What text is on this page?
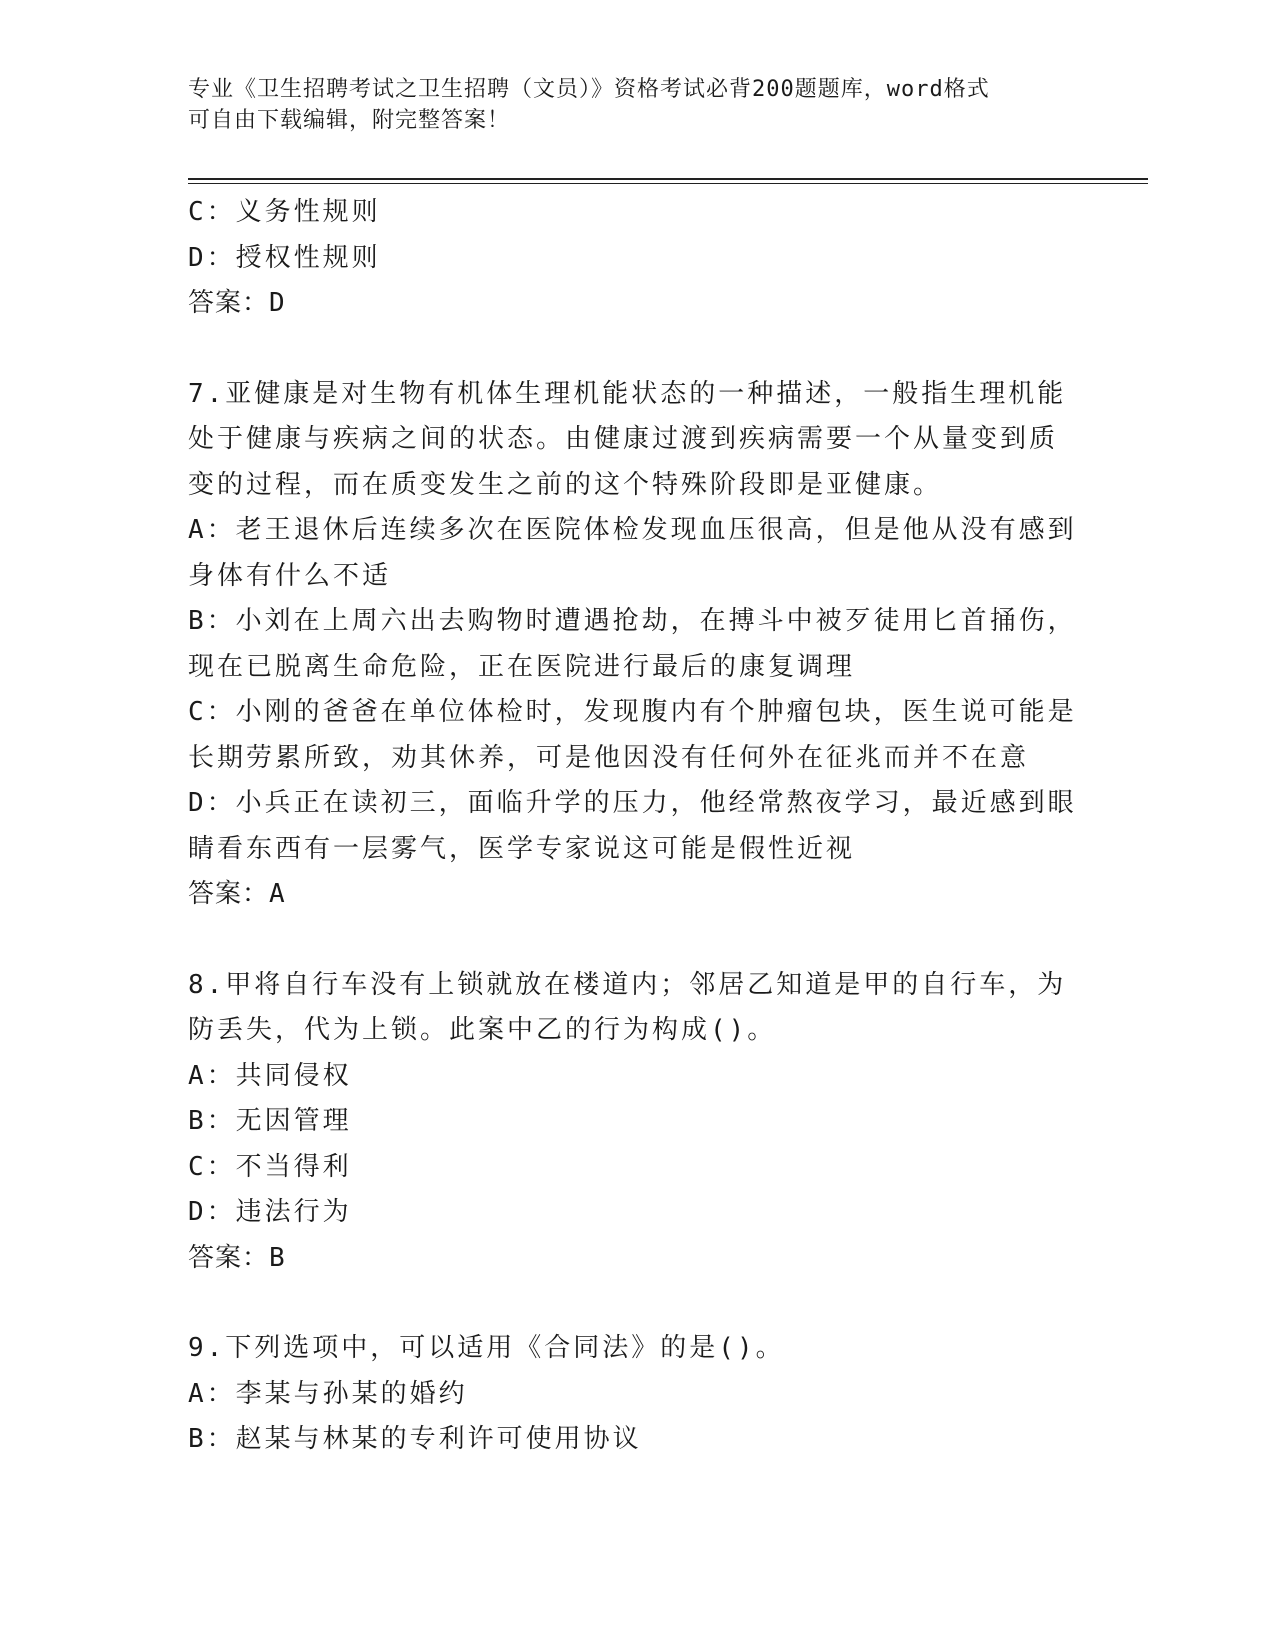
专业《卫生招聘考试之卫生招聘（文员）》资格考试必背200题题库，word格式
可自由下载编辑，附完整答案！
C：义务性规则
D：授权性规则
答案：D
7.亚健康是对生物有机体生理机能状态的一种描述，一般指生理机能
处于健康与疾病之间的状态。由健康过渡到疾病需要一个从量变到质
变的过程，而在质变发生之前的这个特殊阶段即是亚健康。
A：老王退休后连续多次在医院体检发现血压很高，但是他从没有感到
身体有什么不适
B：小刘在上周六出去购物时遭遇抢劫，在搏斗中被歹徒用匕首捅伤，
现在已脱离生命危险，正在医院进行最后的康复调理
C：小刚的爸爸在单位体检时，发现腹内有个肿瘤包块，医生说可能是
长期劳累所致，劝其休养，可是他因没有任何外在征兆而并不在意
D：小兵正在读初三，面临升学的压力，他经常熬夜学习，最近感到眼
睛看东西有一层雾气，医学专家说这可能是假性近视
答案：A
8.甲将自行车没有上锁就放在楼道内；邻居乙知道是甲的自行车，为
防丢失，代为上锁。此案中乙的行为构成()。
A：共同侵权
B：无因管理
C：不当得利
D：违法行为
答案：B
9.下列选项中，可以适用《合同法》的是()。
A：李某与孙某的婚约
B：赵某与林某的专利许可使用协议
